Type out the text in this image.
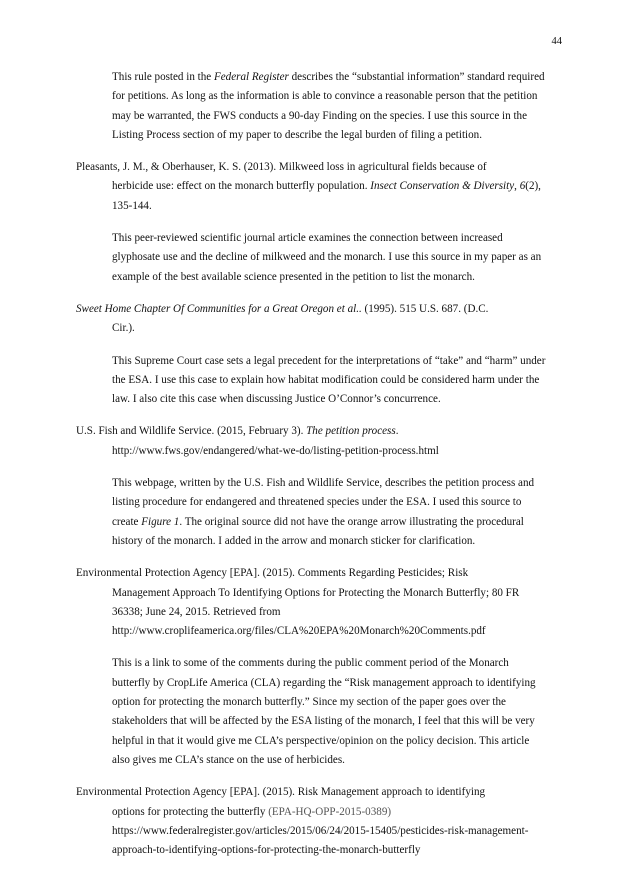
44
This rule posted in the Federal Register describes the “substantial information” standard required
for petitions. As long as the information is able to convince a reasonable person that the petition
may be warranted, the FWS conducts a 90-day Finding on the species. I use this source in the
Listing Process section of my paper to describe the legal burden of filing a petition.
Pleasants, J. M., & Oberhauser, K. S. (2013). Milkweed loss in agricultural fields because of
herbicide use: effect on the monarch butterfly population. Insect Conservation & Diversity, 6(2),
135-144.
This peer-reviewed scientific journal article examines the connection between increased
glyphosate use and the decline of milkweed and the monarch. I use this source in my paper as an
example of the best available science presented in the petition to list the monarch.
Sweet Home Chapter Of Communities for a Great Oregon et al.. (1995). 515 U.S. 687. (D.C.
Cir.).
This Supreme Court case sets a legal precedent for the interpretations of “take” and “harm” under
the ESA. I use this case to explain how habitat modification could be considered harm under the
law. I also cite this case when discussing Justice O’Connor’s concurrence.
U.S. Fish and Wildlife Service. (2015, February 3). The petition process.
http://www.fws.gov/endangered/what-we-do/listing-petition-process.html
This webpage, written by the U.S. Fish and Wildlife Service, describes the petition process and
listing procedure for endangered and threatened species under the ESA. I used this source to
create Figure 1. The original source did not have the orange arrow illustrating the procedural
history of the monarch. I added in the arrow and monarch sticker for clarification.
Environmental Protection Agency [EPA]. (2015). Comments Regarding Pesticides; Risk
Management Approach To Identifying Options for Protecting the Monarch Butterfly; 80 FR
36338; June 24, 2015. Retrieved from
http://www.croplifeamerica.org/files/CLA%20EPA%20Monarch%20Comments.pdf
This is a link to some of the comments during the public comment period of the Monarch
butterfly by CropLife America (CLA) regarding the “Risk management approach to identifying
option for protecting the monarch butterfly.” Since my section of the paper goes over the
stakeholders that will be affected by the ESA listing of the monarch, I feel that this will be very
helpful in that it would give me CLA’s perspective/opinion on the policy decision. This article
also gives me CLA’s stance on the use of herbicides.
Environmental Protection Agency [EPA]. (2015). Risk Management approach to identifying
options for protecting the butterfly (EPA-HQ-OPP-2015-0389)
https://www.federalregister.gov/articles/2015/06/24/2015-15405/pesticides-risk-management-
approach-to-identifying-options-for-protecting-the-monarch-butterfly
